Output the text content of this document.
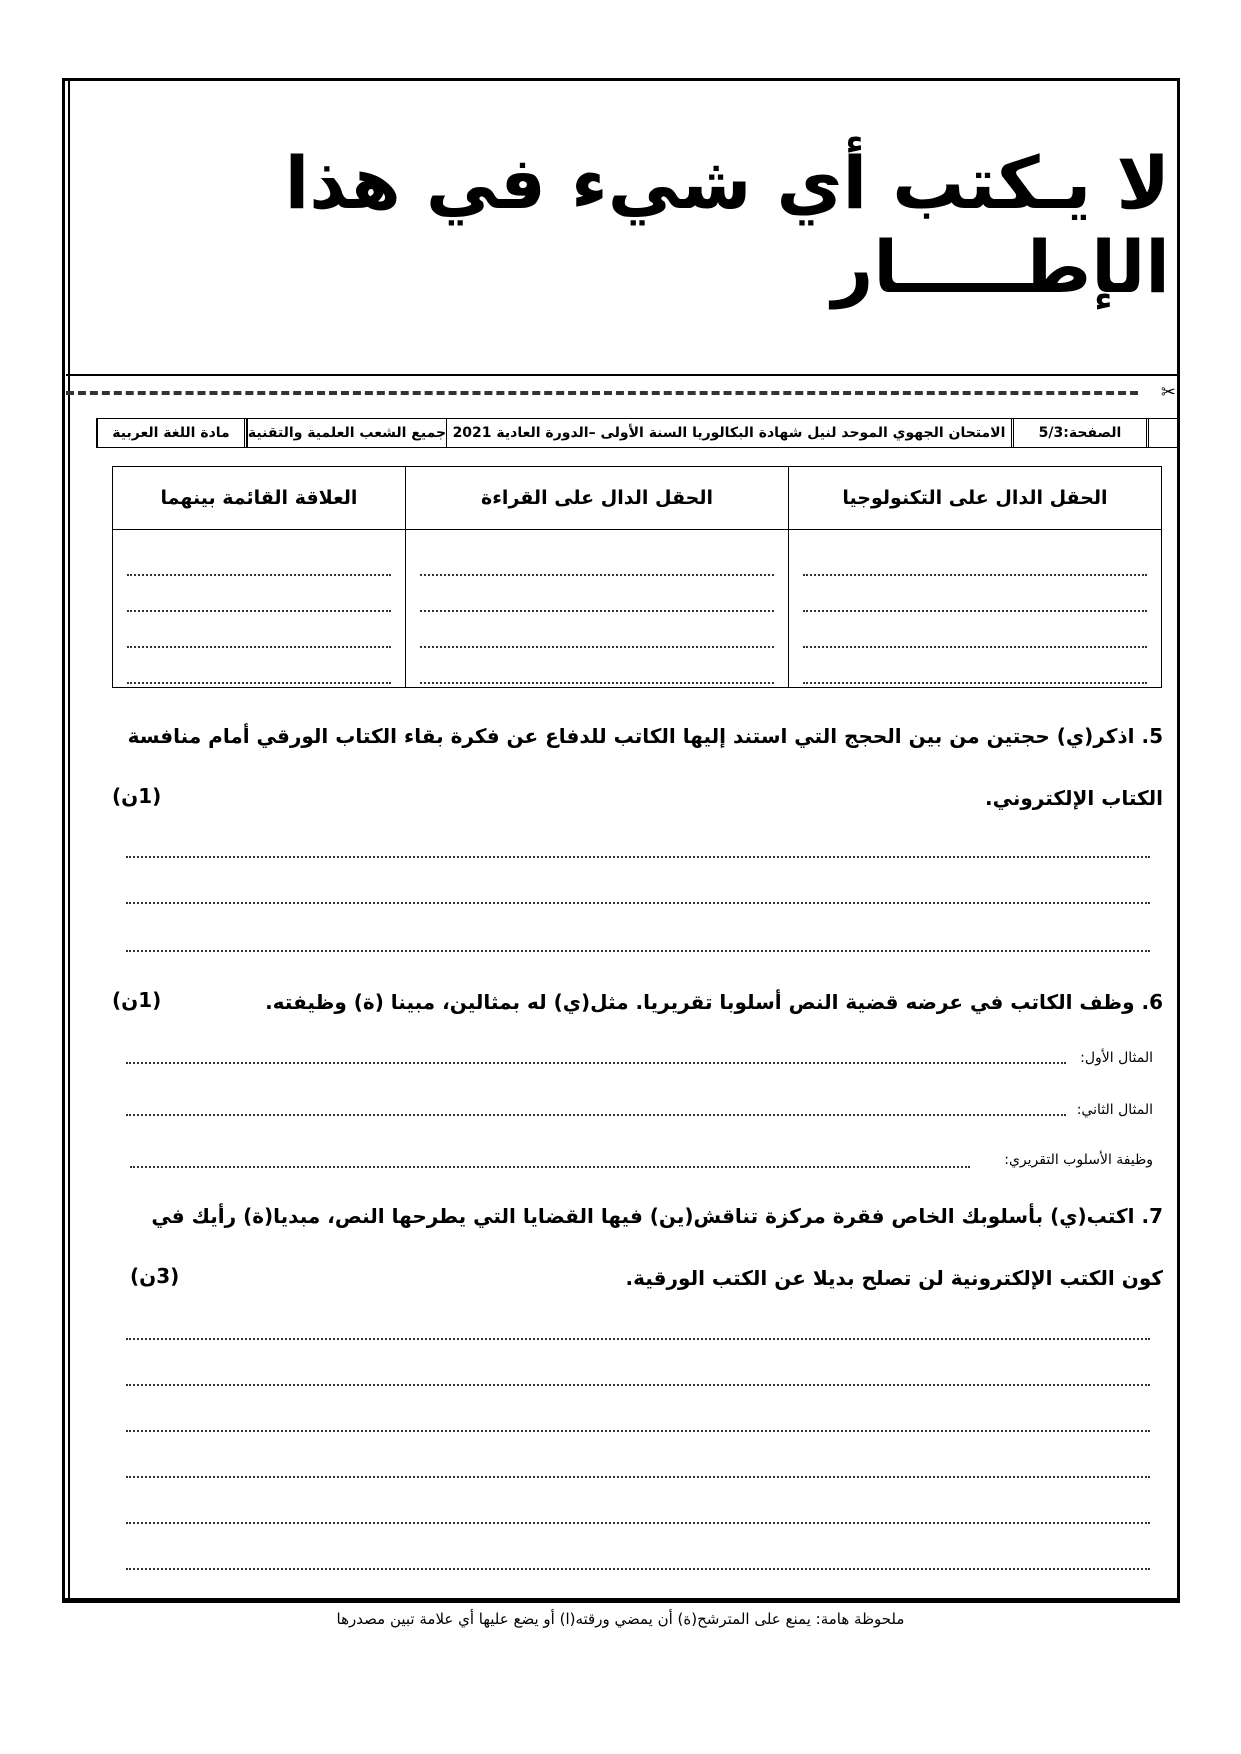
لا يـكتب أي شيء في هذا الإطـــــار
✂
مادة اللغة العربية	جميع الشعب العلمية والتقنية الامتحان الجهوي الموحد لنيل شهادة البكالوريا السنة الأولى –الدورة العادية 2021	الصفحة:5/3
الحقل الدال على التكنولوجيا	الحقل الدال على القراءة	العلاقة القائمة بينهما

5. اذكر(ي) حجتين من بين الحجج التي استند إليها الكاتب للدفاع عن فكرة بقاء الكتاب الورقي أمام منافسة
الكتاب الإلكتروني.
(1ن)
6. وظف الكاتب في عرضه قضية النص أسلوبا تقريريا. مثل(ي) له بمثالين، مبينا (ة) وظيفته.
(1ن)
المثال الأول:
المثال الثاني:
وظيفة الأسلوب التقريري:
7. اكتب(ي) بأسلوبك الخاص فقرة مركزة تناقش(ين) فيها القضايا التي يطرحها النص، مبديا(ة) رأيك في
كون الكتب الإلكترونية لن تصلح بديلا عن الكتب الورقية.
(3ن)
ملحوظة هامة: يمنع على المترشح(ة) أن يمضي ورقته(ا) أو يضع عليها أي علامة تبين مصدرها
